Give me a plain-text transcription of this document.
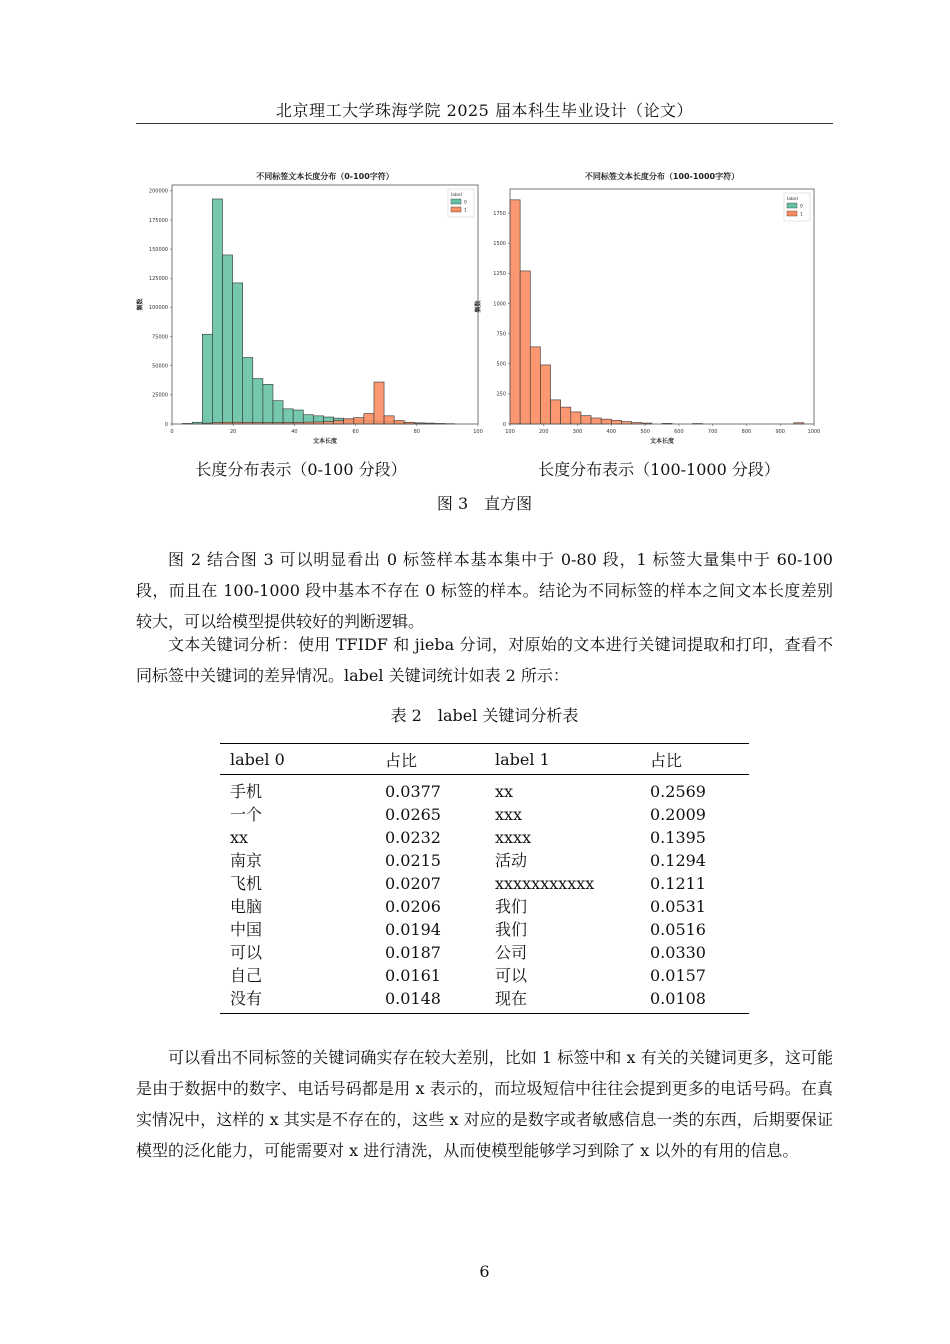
北京理工大学珠海学院 2025 届本科生毕业设计（论文）
不同标签文本长度分布（0-100字符）
0	20	40	60	80	100
0
25000
50000
75000
100000
125000
150000
175000
200000
文本长度
频数
label
0
1
不同标签文本长度分布（100-1000字符）
100	200	300	400	500	600	700	800	900	1000
0
250
500
750
1000
1250
1500
1750
文本长度
频数
label
0
1
长度分布表示（0-100 分段）	长度分布表示（100-1000 分段）
图 3　直方图

图 2 结合图 3 可以明显看出 0 标签样本基本集中于 0-80 段，1 标签大量集中于 60-100 段，而且在 100-1000 段中基本不存在 0 标签的样本。结论为不同标签的样本之间文本长度差别较大，可以给模型提供较好的判断逻辑。

文本关键词分析：使用 TFIDF 和 jieba 分词，对原始的文本进行关键词提取和打印，查看不同标签中关键词的差异情况。label 关键词统计如表 2 所示：

表 2　label 关键词分析表
label 0	占比	label 1	占比
手机	0.0377	xx	0.2569
一个	0.0265	xxx	0.2009
xx	0.0232	xxxx	0.1395
南京	0.0215	活动	0.1294
飞机	0.0207	xxxxxxxxxxx	0.1211
电脑	0.0206	我们	0.0531
中国	0.0194	我们	0.0516
可以	0.0187	公司	0.0330
自己	0.0161	可以	0.0157
没有	0.0148	现在	0.0108

可以看出不同标签的关键词确实存在较大差别，比如 1 标签中和 x 有关的关键词更多，这可能是由于数据中的数字、电话号码都是用 x 表示的，而垃圾短信中往往会提到更多的电话号码。在真实情况中，这样的 x 其实是不存在的，这些 x 对应的是数字或者敏感信息一类的东西，后期要保证模型的泛化能力，可能需要对 x 进行清洗，从而使模型能够学习到除了 x 以外的有用的信息。

6
